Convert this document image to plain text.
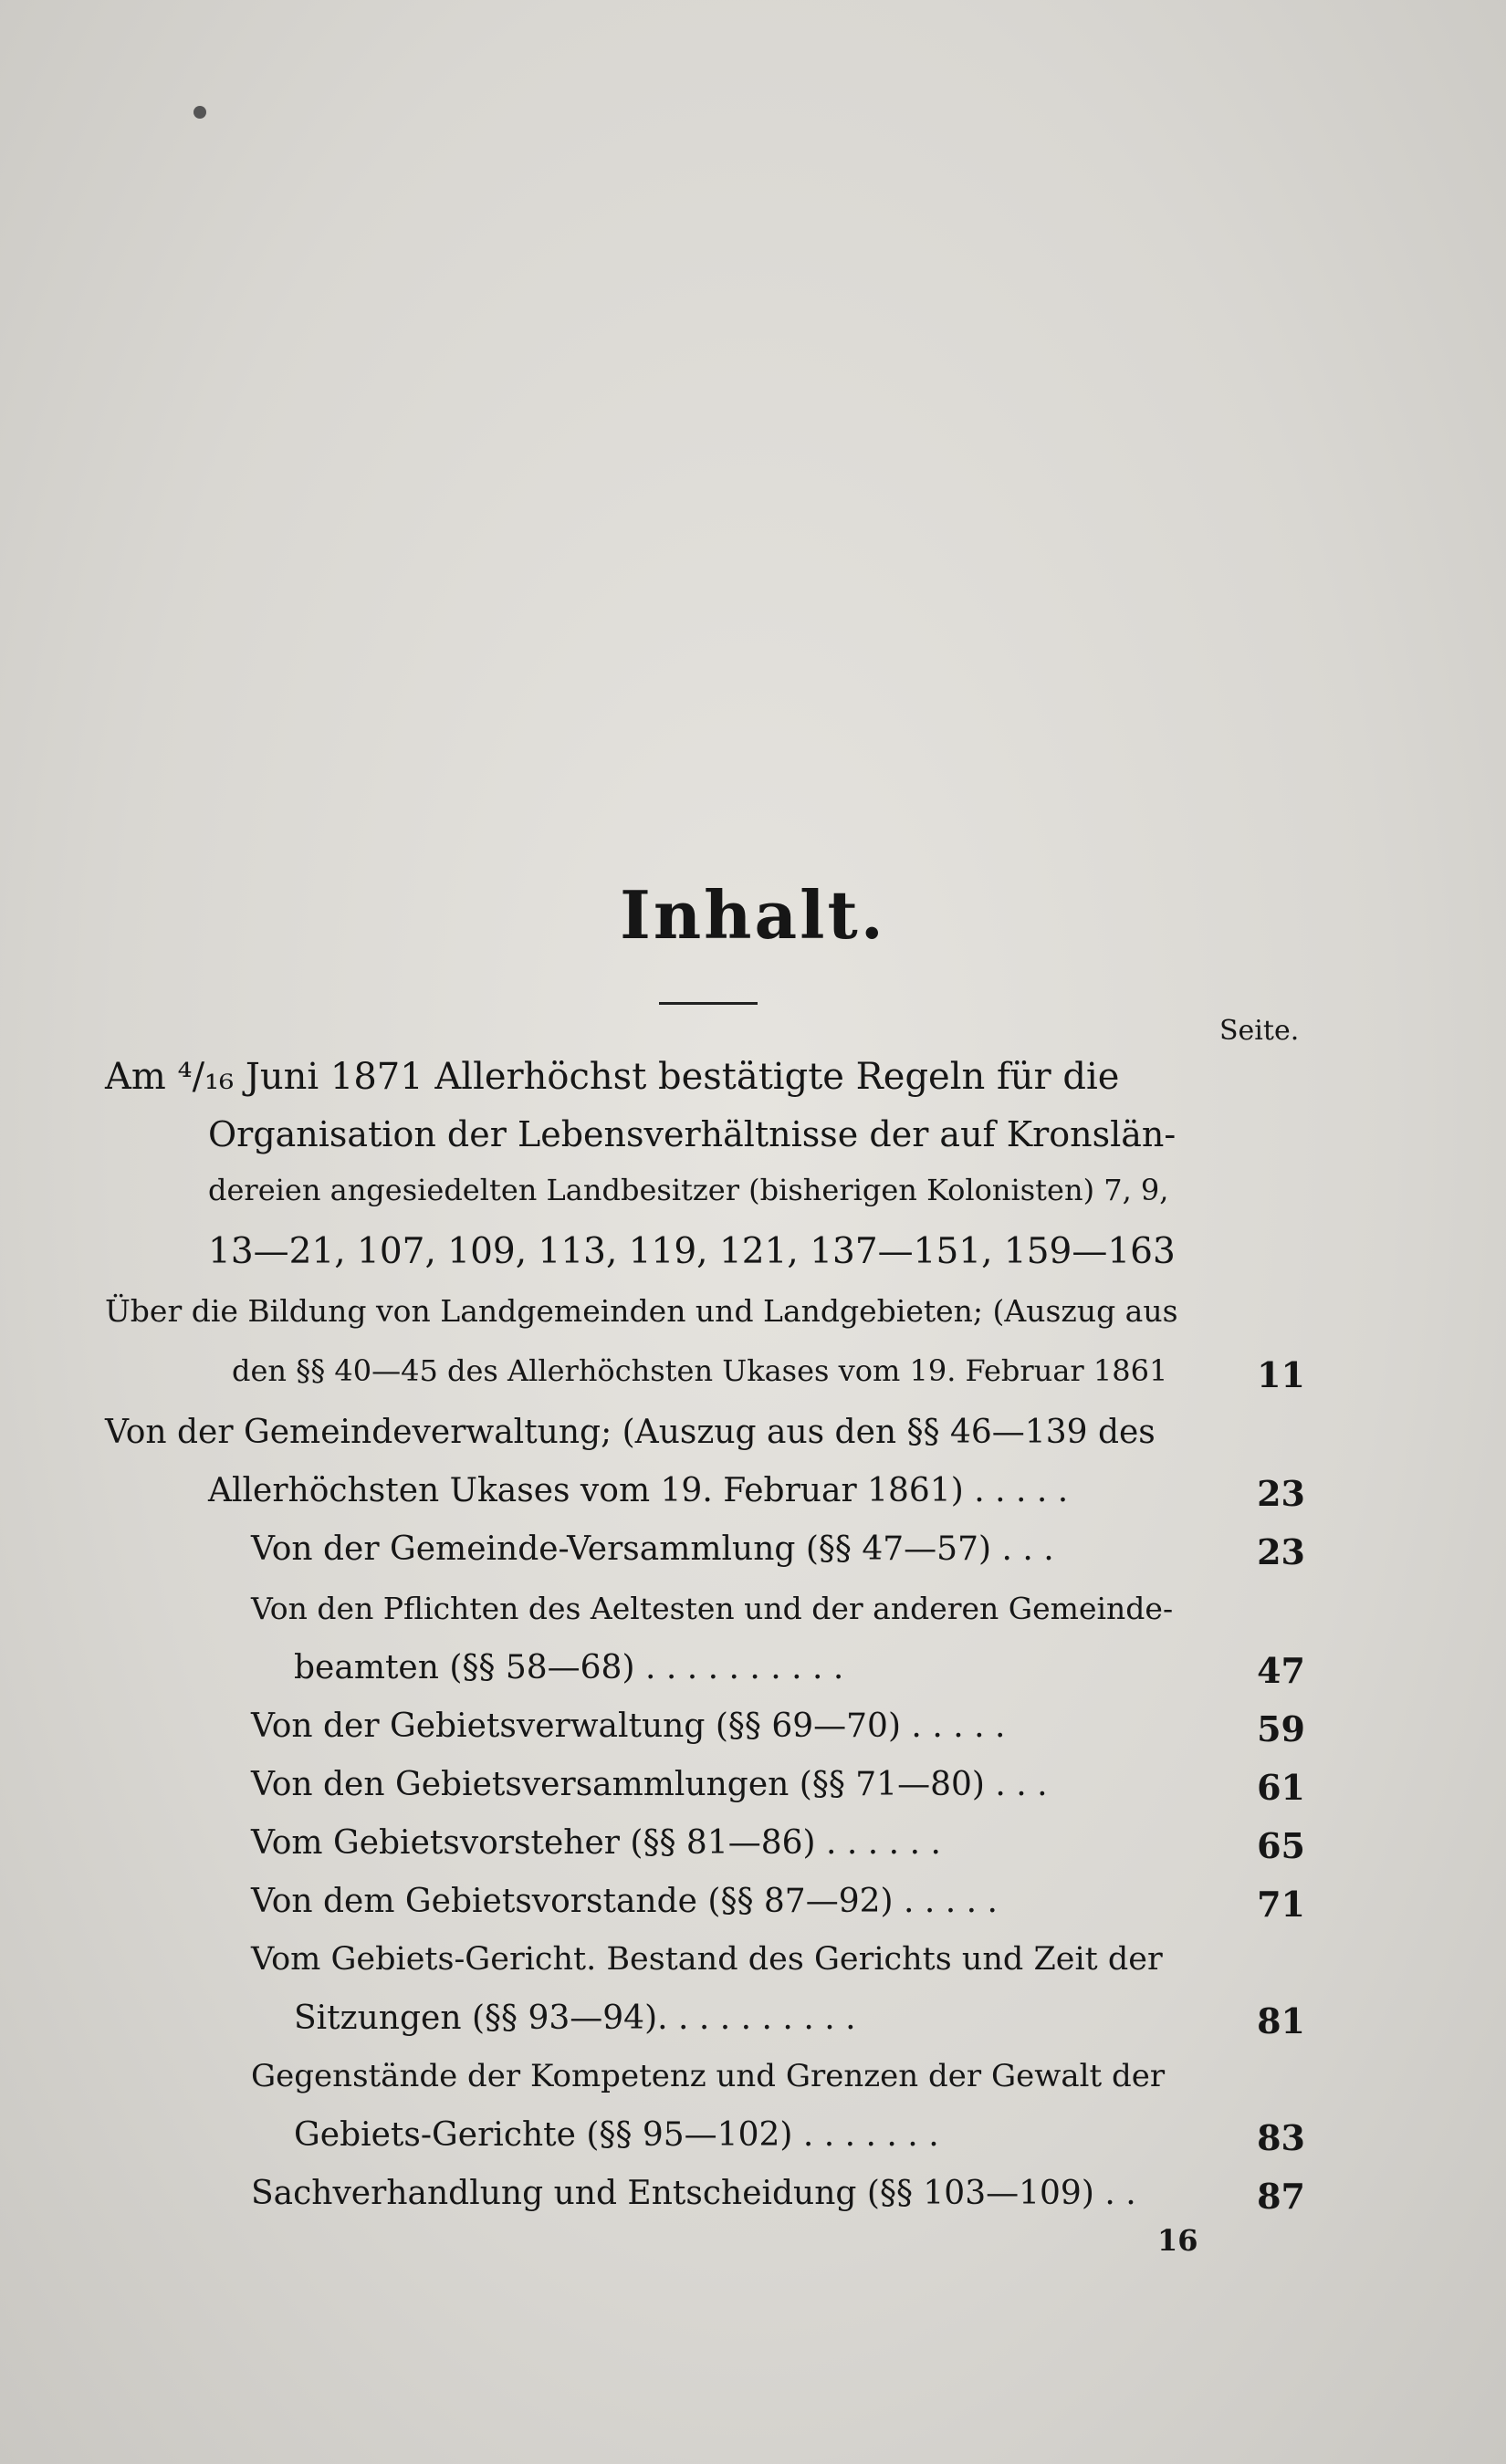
Inhalt.
Seite.
Am ⁴/₁₆ Juni 1871 Allerhöchst bestätigte Regeln für die
Organisation der Lebensverhältnisse der auf Kronslän-
dereien angesiedelten Landbesitzer (bisherigen Kolonisten) 7, 9,
13—21, 107, 109, 113, 119, 121, 137—151, 159—163
Über die Bildung von Landgemeinden und Landgebieten; (Auszug aus
den §§ 40—45 des Allerhöchsten Ukases vom 19. Februar 1861	11
Von der Gemeindeverwaltung; (Auszug aus den §§ 46—139 des
Allerhöchsten Ukases vom 19. Februar 1861) . . . . .	23
Von der Gemeinde-Versammlung (§§ 47—57) . . .	23
Von den Pflichten des Aeltesten und der anderen Gemeinde-
beamten (§§ 58—68) . . . . . . . . . .	47
Von der Gebietsverwaltung (§§ 69—70) . . . . .	59
Von den Gebietsversammlungen (§§ 71—80) . . .	61
Vom Gebietsvorsteher (§§ 81—86) . . . . . .	65
Von dem Gebietsvorstande (§§ 87—92) . . . . .	71
Vom Gebiets-Gericht. Bestand des Gerichts und Zeit der
Sitzungen (§§ 93—94). . . . . . . . . .	81
Gegenstände der Kompetenz und Grenzen der Gewalt der
Gebiets-Gerichte (§§ 95—102) . . . . . . .	83
Sachverhandlung und Entscheidung (§§ 103—109) . .	87
16
